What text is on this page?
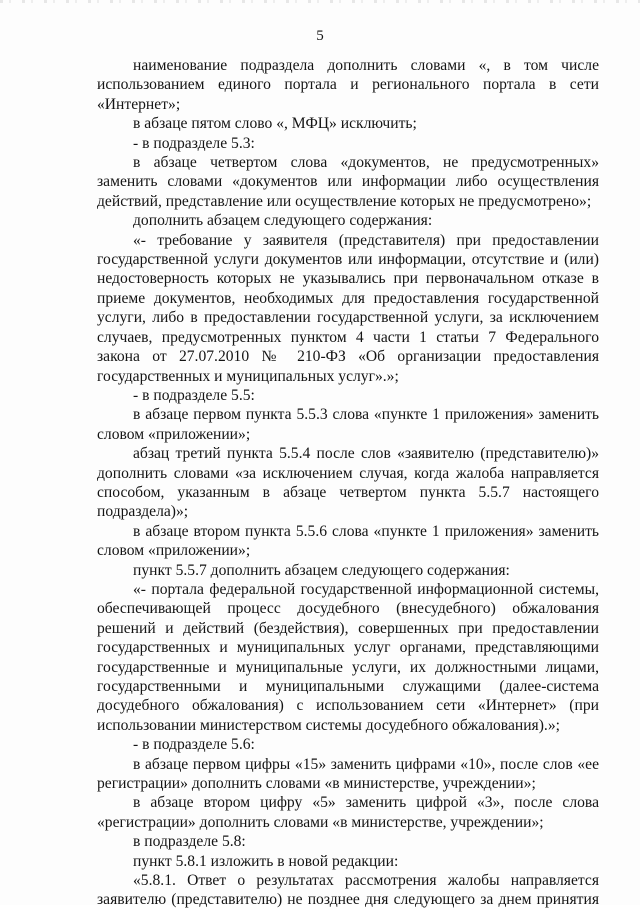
5

наименование подраздела дополнить словами «, в том числе использованием единого портала и регионального портала в сети «Интернет»;

в абзаце пятом слово «, МФЦ» исключить;

- в подразделе 5.3:

в абзаце четвертом слова «документов, не предусмотренных» заменить словами «документов или информации либо осуществления действий, представление или осуществление которых не предусмотрено»;

дополнить абзацем следующего содержания:

«- требование у заявителя (представителя) при предоставлении государственной услуги документов или информации, отсутствие и (или) недостоверность которых не указывались при первоначальном отказе в приеме документов, необходимых для предоставления государственной услуги, либо в предоставлении государственной услуги, за исключением случаев, предусмотренных пунктом 4 части 1 статьи 7 Федерального закона от 27.07.2010 № 210-ФЗ «Об организации предоставления государственных и муниципальных услуг».»;

- в подразделе 5.5:

в абзаце первом пункта 5.5.3 слова «пункте 1 приложения» заменить словом «приложении»;

абзац третий пункта 5.5.4 после слов «заявителю (представителю)» дополнить словами «за исключением случая, когда жалоба направляется способом, указанным в абзаце четвертом пункта 5.5.7 настоящего подраздела)»;

в абзаце втором пункта 5.5.6 слова «пункте 1 приложения» заменить словом «приложении»;

пункт 5.5.7 дополнить абзацем следующего содержания:

«- портала федеральной государственной информационной системы, обеспечивающей процесс досудебного (внесудебного) обжалования решений и действий (бездействия), совершенных при предоставлении государственных и муниципальных услуг органами, представляющими государственные и муниципальные услуги, их должностными лицами, государственными и муниципальными служащими (далее-система досудебного обжалования) с использованием сети «Интернет» (при использовании министерством системы досудебного обжалования).»;

- в подразделе 5.6:

в абзаце первом цифры «15» заменить цифрами «10», после слов «ее регистрации» дополнить словами «в министерстве, учреждении»;

в абзаце втором цифру «5» заменить цифрой «3», после слова «регистрации» дополнить словами «в министерстве, учреждении»;

в подразделе 5.8:

пункт 5.8.1 изложить в новой редакции:

«5.8.1. Ответ о результатах рассмотрения жалобы направляется заявителю (представителю) не позднее дня следующего за днем принятия
